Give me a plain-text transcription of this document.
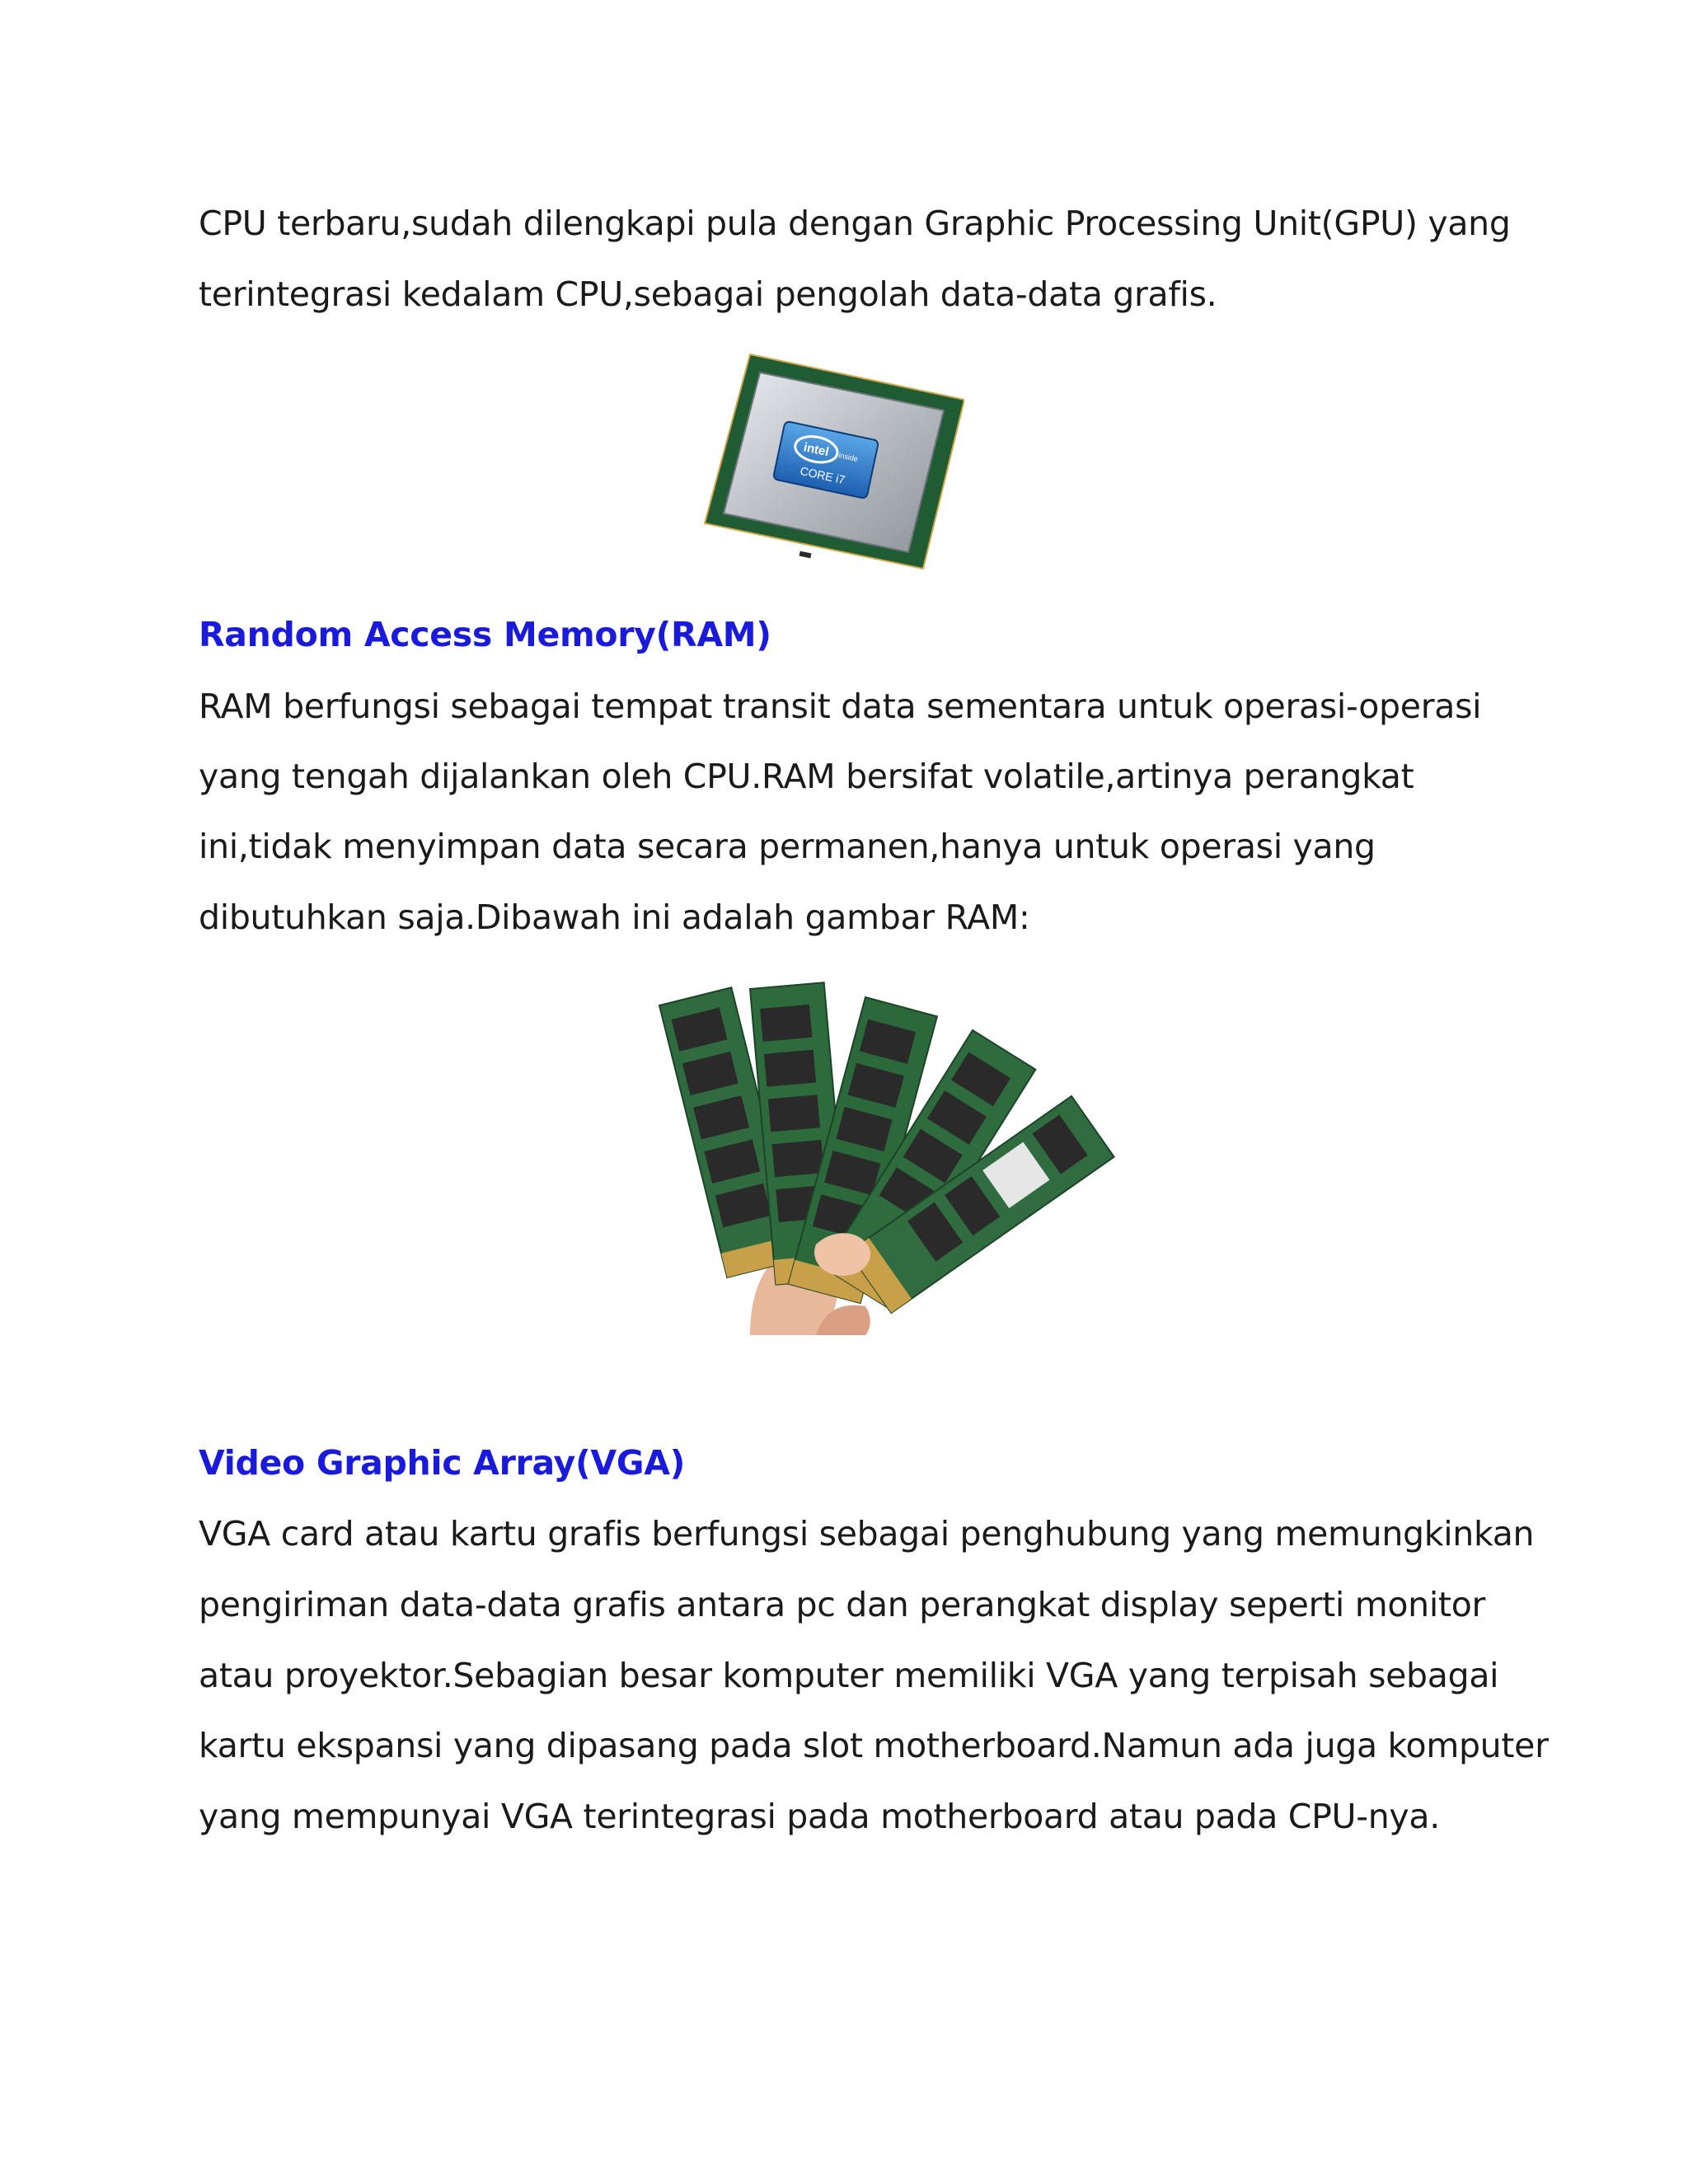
CPU terbaru,sudah dilengkapi pula dengan Graphic Processing Unit(GPU) yang
terintegrasi kedalam CPU,sebagai pengolah data-data grafis.
intel inside
CORE i7
Random Access Memory(RAM)
RAM berfungsi sebagai tempat transit data sementara untuk operasi-operasi
yang tengah dijalankan oleh CPU.RAM bersifat volatile,artinya perangkat
ini,tidak menyimpan data secara permanen,hanya untuk operasi yang
dibutuhkan saja.Dibawah ini adalah gambar RAM:
Video Graphic Array(VGA)
VGA card atau kartu grafis berfungsi sebagai penghubung yang memungkinkan
pengiriman data-data grafis antara pc dan perangkat display seperti monitor
atau proyektor.Sebagian besar komputer memiliki VGA yang terpisah sebagai
kartu ekspansi yang dipasang pada slot motherboard.Namun ada juga komputer
yang mempunyai VGA terintegrasi pada motherboard atau pada CPU-nya.
